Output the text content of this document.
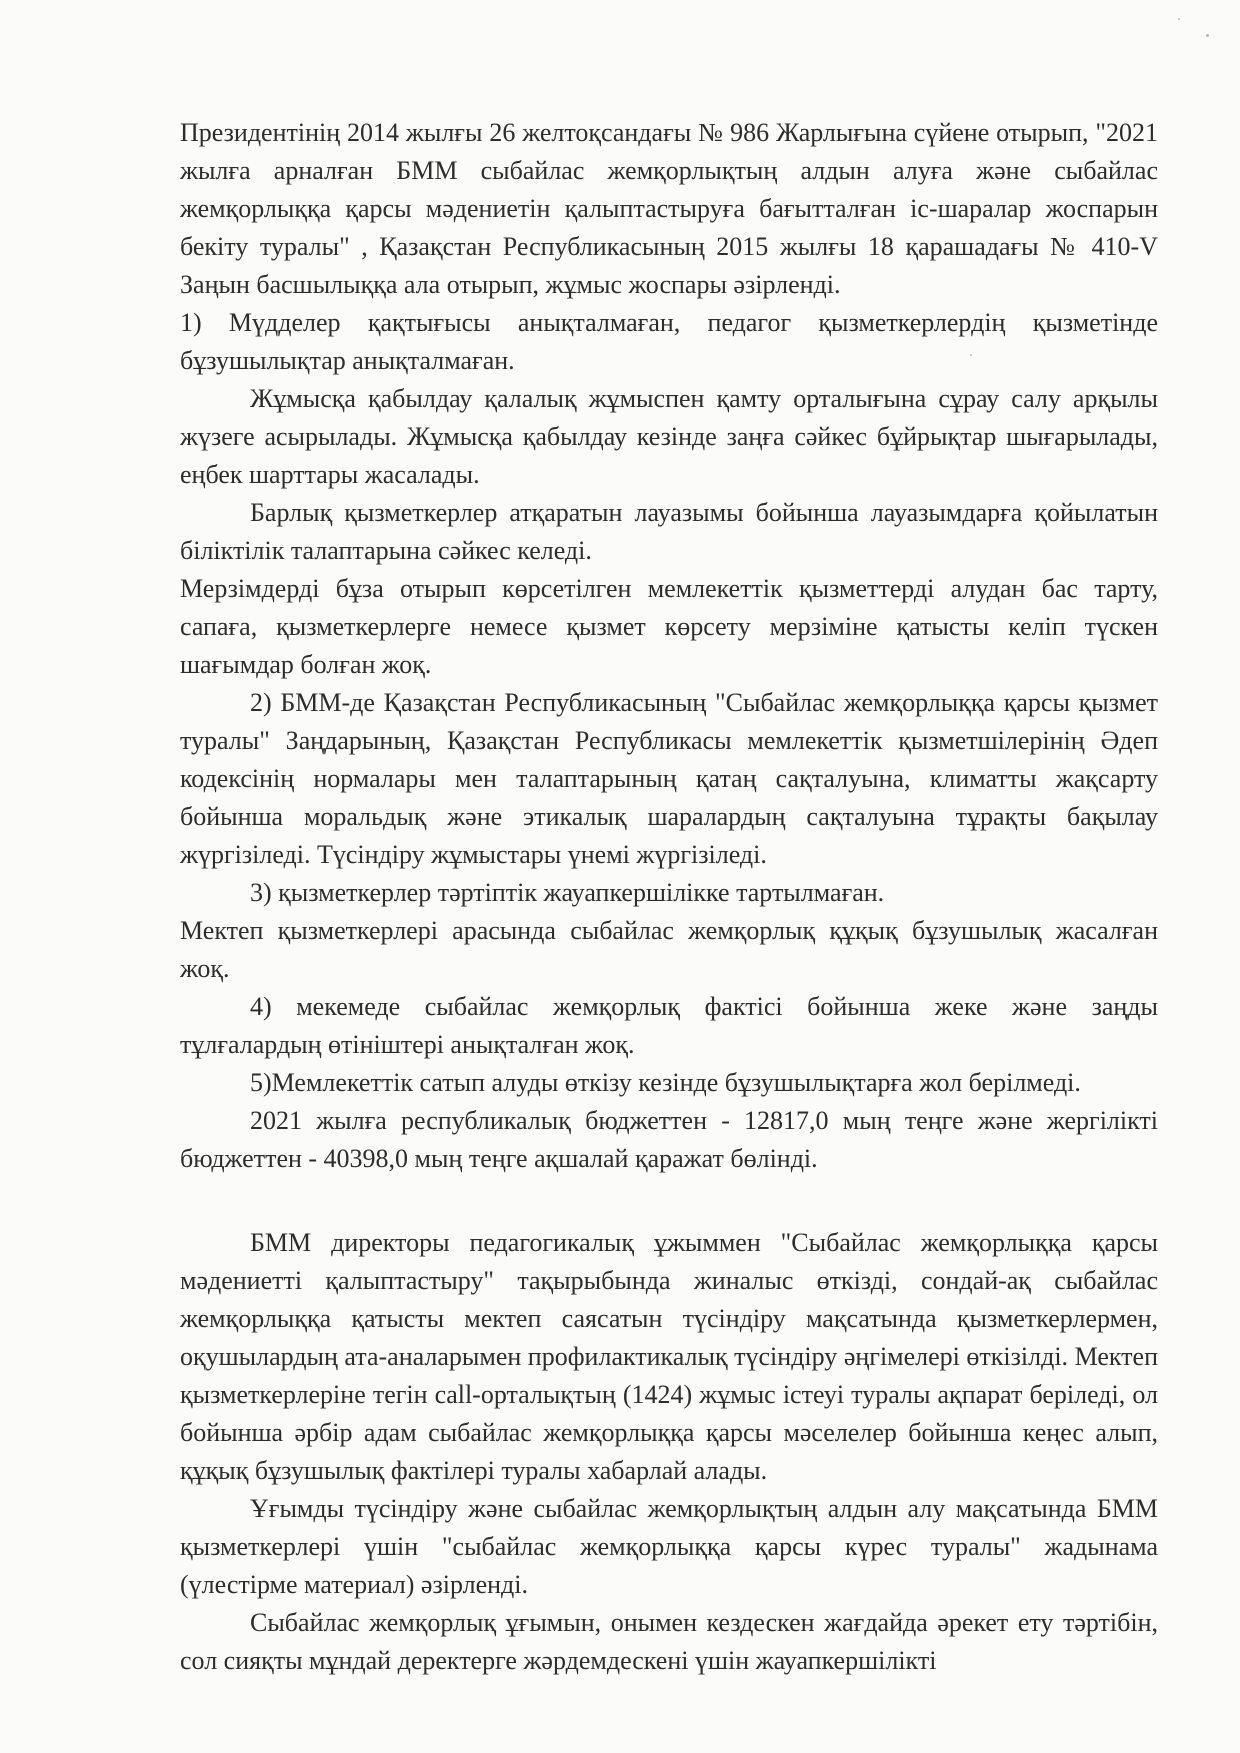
Президентінің 2014 жылғы 26 желтоқсандағы № 986 Жарлығына сүйене отырып, "2021 жылға арналған БММ сыбайлас жемқорлықтың алдын алуға және сыбайлас жемқорлыққа қарсы мәдениетін қалыптастыруға бағытталған іс-шаралар жоспарын бекіту туралы" , Қазақстан Республикасының 2015 жылғы 18 қарашадағы № 410-V Заңын басшылыққа ала отырып, жұмыс жоспары әзірленді.

1) Мүдделер қақтығысы анықталмаған, педагог қызметкерлердің қызметінде бұзушылықтар анықталмаған.

Жұмысқа қабылдау қалалық жұмыспен қамту орталығына сұрау салу арқылы жүзеге асырылады. Жұмысқа қабылдау кезінде заңға сәйкес бұйрықтар шығарылады, еңбек шарттары жасалады.

Барлық қызметкерлер атқаратын лауазымы бойынша лауазымдарға қойылатын біліктілік талаптарына сәйкес келеді.

Мерзімдерді бұза отырып көрсетілген мемлекеттік қызметтерді алудан бас тарту, сапаға, қызметкерлерге немесе қызмет көрсету мерзіміне қатысты келіп түскен шағымдар болған жоқ.

2) БММ-де Қазақстан Республикасының "Сыбайлас жемқорлыққа қарсы қызмет туралы" Заңдарының, Қазақстан Республикасы мемлекеттік қызметшілерінің Әдеп кодексінің нормалары мен талаптарының қатаң сақталуына, климатты жақсарту бойынша моральдық және этикалық шаралардың сақталуына тұрақты бақылау жүргізіледі. Түсіндіру жұмыстары үнемі жүргізіледі.

3) қызметкерлер тәртіптік жауапкершілікке тартылмаған.

Мектеп қызметкерлері арасында сыбайлас жемқорлық құқық бұзушылық жасалған жоқ.

4) мекемеде сыбайлас жемқорлық фактісі бойынша жеке және заңды тұлғалардың өтініштері анықталған жоқ.

5)Мемлекеттік сатып алуды өткізу кезінде бұзушылықтарға жол берілмеді.

2021 жылға республикалық бюджеттен - 12817,0 мың теңге және жергілікті бюджеттен - 40398,0 мың теңге ақшалай қаражат бөлінді.

БММ директоры педагогикалық ұжыммен "Сыбайлас жемқорлыққа қарсы мәдениетті қалыптастыру" тақырыбында жиналыс өткізді, сондай-ақ сыбайлас жемқорлыққа қатысты мектеп саясатын түсіндіру мақсатында қызметкерлермен, оқушылардың ата-аналарымен профилактикалық түсіндіру әңгімелері өткізілді. Мектеп қызметкерлеріне тегін call-орталықтың (1424) жұмыс істеуі туралы ақпарат беріледі, ол бойынша әрбір адам сыбайлас жемқорлыққа қарсы мәселелер бойынша кеңес алып, құқық бұзушылық фактілері туралы хабарлай алады.

Ұғымды түсіндіру және сыбайлас жемқорлықтың алдын алу мақсатында БММ қызметкерлері үшін "сыбайлас жемқорлыққа қарсы күрес туралы" жадынама (үлестірме материал) әзірленді.

Сыбайлас жемқорлық ұғымын, онымен кездескен жағдайда әрекет ету тәртібін, сол сияқты мұндай деректерге жәрдемдескені үшін жауапкершілікті
